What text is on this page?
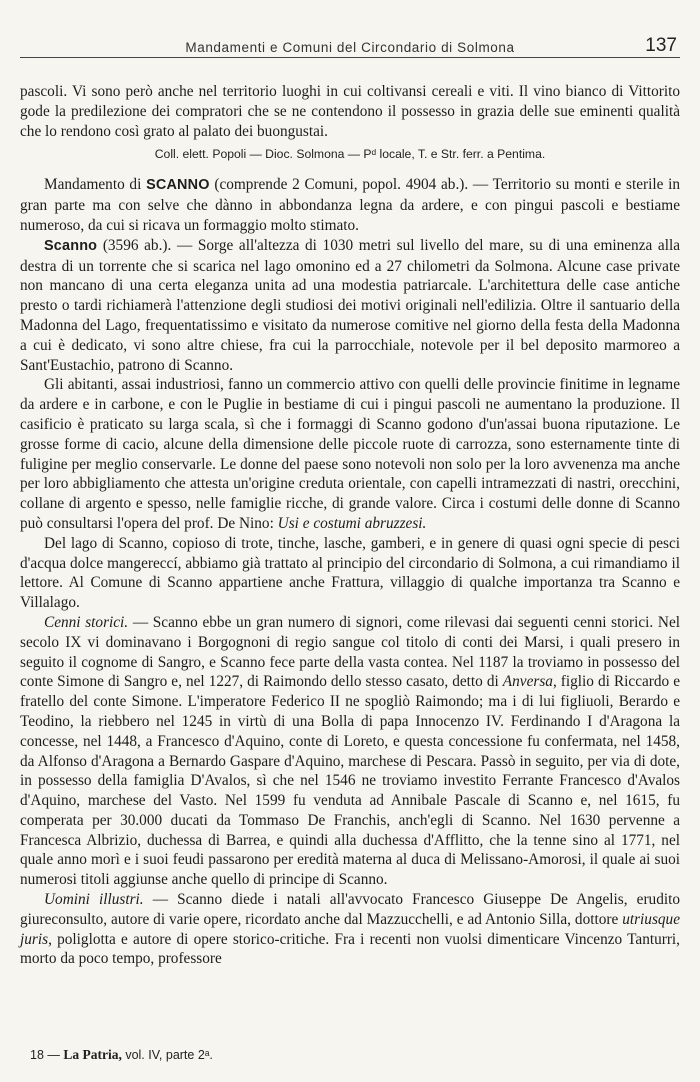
Mandamenti e Comuni del Circondario di Solmona	137

pascoli. Vi sono però anche nel territorio luoghi in cui coltivansi cereali e viti. Il vino bianco di Vittorito gode la predilezione dei compratori che se ne contendono il possesso in grazia delle sue eminenti qualità che lo rendono così grato al palato dei buongustai.

Coll. elett. Popoli — Dioc. Solmona — Pᵈ locale, T. e Str. ferr. a Pentima.

Mandamento di SCANNO (comprende 2 Comuni, popol. 4904 ab.). — Territorio su monti e sterile in gran parte ma con selve che dànno in abbondanza legna da ardere, e con pingui pascoli e bestiame numeroso, da cui si ricava un formaggio molto stimato.

Scanno (3596 ab.). — Sorge all'altezza di 1030 metri sul livello del mare, su di una eminenza alla destra di un torrente che si scarica nel lago omonino ed a 27 chilometri da Solmona. Alcune case private non mancano di una certa eleganza unita ad una modestia patriarcale. L'architettura delle case antiche presto o tardi richiamerà l'attenzione degli studiosi dei motivi originali nell'edilizia. Oltre il santuario della Madonna del Lago, frequentatissimo e visitato da numerose comitive nel giorno della festa della Madonna a cui è dedicato, vi sono altre chiese, fra cui la parrocchiale, notevole per il bel deposito marmoreo a Sant'Eustachio, patrono di Scanno.

Gli abitanti, assai industriosi, fanno un commercio attivo con quelli delle provincie finitime in legname da ardere e in carbone, e con le Puglie in bestiame di cui i pingui pascoli ne aumentano la produzione. Il casificio è praticato su larga scala, sì che i formaggi di Scanno godono d'un'assai buona riputazione. Le grosse forme di cacio, alcune della dimensione delle piccole ruote di carrozza, sono esternamente tinte di fuligine per meglio conservarle. Le donne del paese sono notevoli non solo per la loro avvenenza ma anche per loro abbigliamento che attesta un'origine creduta orientale, con capelli intramezzati di nastri, orecchini, collane di argento e spesso, nelle famiglie ricche, di grande valore. Circa i costumi delle donne di Scanno può consultarsi l'opera del prof. De Nino: Usi e costumi abruzzesi.

Del lago di Scanno, copioso di trote, tinche, lasche, gamberi, e in genere di quasi ogni specie di pesci d'acqua dolce mangereccí, abbiamo già trattato al principio del circondario di Solmona, a cui rimandiamo il lettore. Al Comune di Scanno appartiene anche Frattura, villaggio di qualche importanza tra Scanno e Villalago.

Cenni storici. — Scanno ebbe un gran numero di signori, come rilevasi dai seguenti cenni storici. Nel secolo IX vi dominavano i Borgognoni di regio sangue col titolo di conti dei Marsi, i quali presero in seguito il cognome di Sangro, e Scanno fece parte della vasta contea. Nel 1187 la troviamo in possesso del conte Simone di Sangro e, nel 1227, di Raimondo dello stesso casato, detto di Anversa, figlio di Riccardo e fratello del conte Simone. L'imperatore Federico II ne spogliò Raimondo; ma i di lui figliuoli, Berardo e Teodino, la riebbero nel 1245 in virtù di una Bolla di papa Innocenzo IV. Ferdinando I d'Aragona la concesse, nel 1448, a Francesco d'Aquino, conte di Loreto, e questa concessione fu confermata, nel 1458, da Alfonso d'Aragona a Bernardo Gaspare d'Aquino, marchese di Pescara. Passò in seguito, per via di dote, in possesso della famiglia D'Avalos, sì che nel 1546 ne troviamo investito Ferrante Francesco d'Avalos d'Aquino, marchese del Vasto. Nel 1599 fu venduta ad Annibale Pascale di Scanno e, nel 1615, fu comperata per 30.000 ducati da Tommaso De Franchis, anch'egli di Scanno. Nel 1630 pervenne a Francesca Albrizio, duchessa di Barrea, e quindi alla duchessa d'Afflitto, che la tenne sino al 1771, nel quale anno morì e i suoi feudi passarono per eredità materna al duca di Melissano-Amorosi, il quale ai suoi numerosi titoli aggiunse anche quello di principe di Scanno.

Uomini illustri. — Scanno diede i natali all'avvocato Francesco Giuseppe De Angelis, erudito giureconsulto, autore di varie opere, ricordato anche dal Mazzucchelli, e ad Antonio Silla, dottore utriusque juris, poliglotta e autore di opere storico-critiche. Fra i recenti non vuolsi dimenticare Vincenzo Tanturri, morto da poco tempo, professore

18 — La Patria, vol. IV, parte 2ᵃ.
